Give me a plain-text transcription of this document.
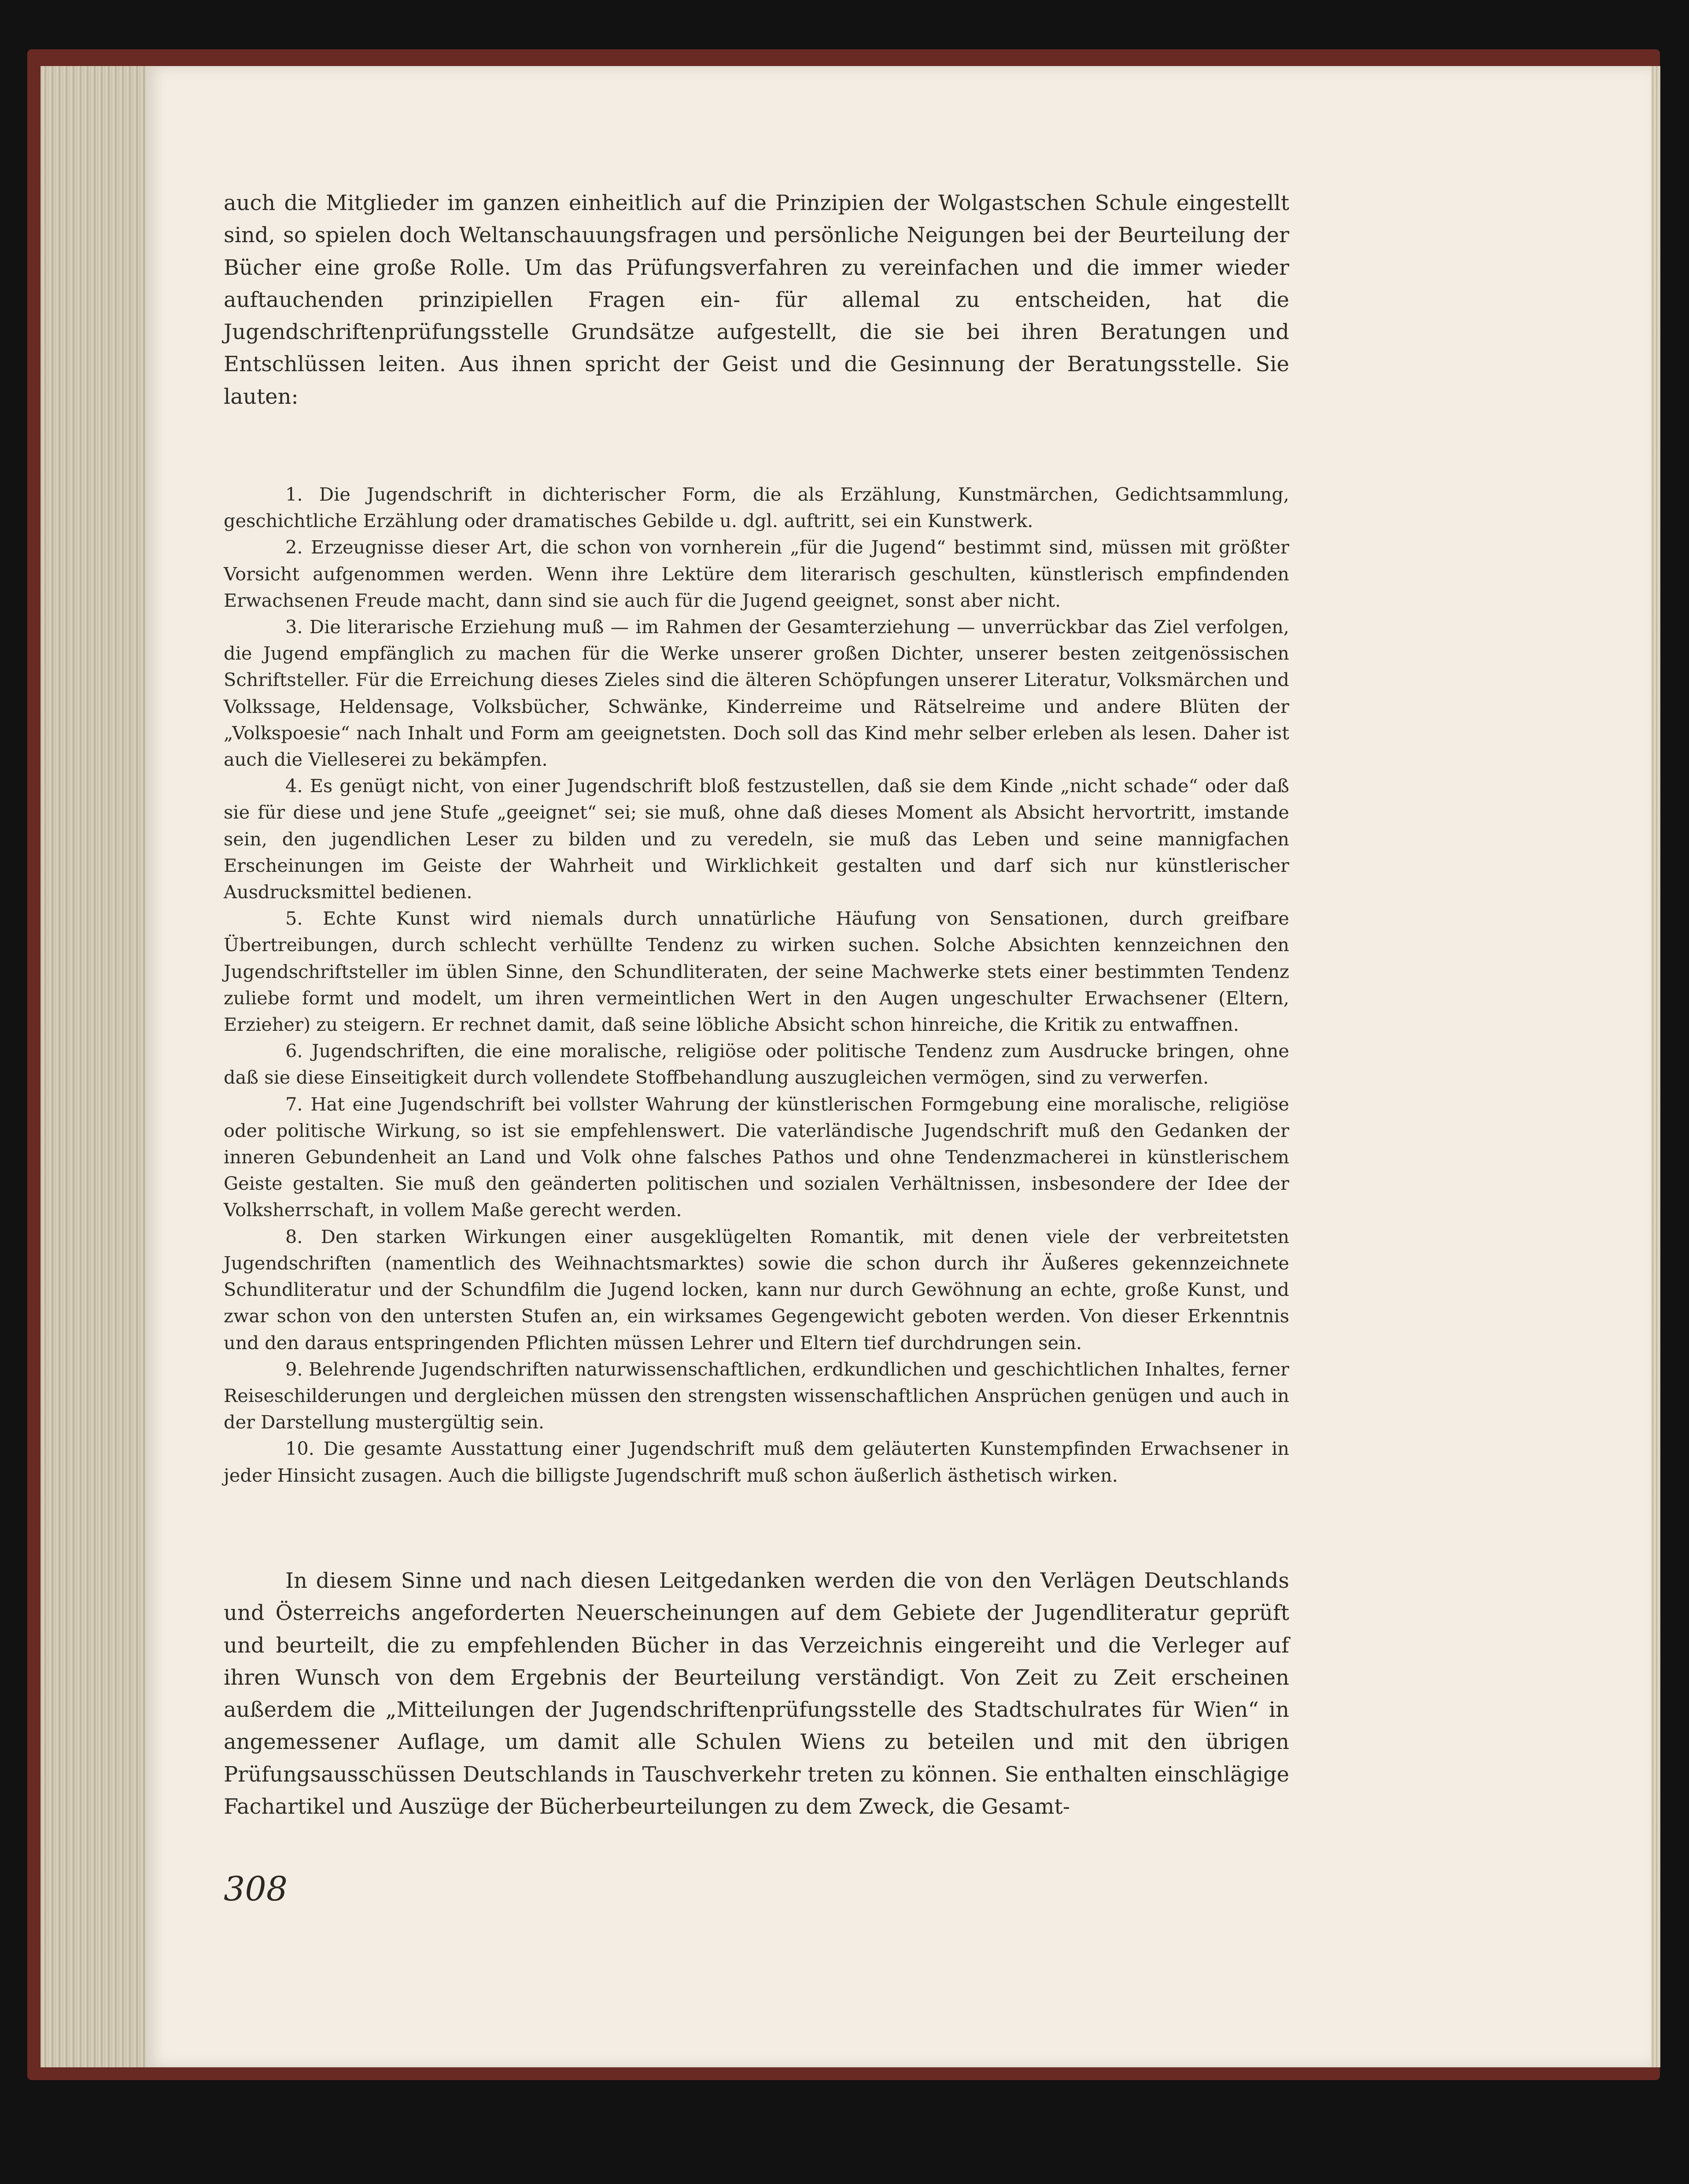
auch die Mitglieder im ganzen einheitlich auf die Prinzipien der Wolgastschen Schule eingestellt sind, so spielen doch Weltanschauungsfragen und persönliche Neigungen bei der Beurteilung der Bücher eine große Rolle. Um das Prüfungsverfahren zu vereinfachen und die immer wieder auftauchenden prinzipiellen Fragen ein- für allemal zu entscheiden, hat die Jugendschriftenprüfungsstelle Grundsätze aufgestellt, die sie bei ihren Beratungen und Entschlüssen leiten. Aus ihnen spricht der Geist und die Gesinnung der Beratungsstelle. Sie lauten:

1. Die Jugendschrift in dichterischer Form, die als Erzählung, Kunstmärchen, Gedichtsammlung, geschichtliche Erzählung oder dramatisches Gebilde u. dgl. auftritt, sei ein Kunstwerk.
2. Erzeugnisse dieser Art, die schon von vornherein „für die Jugend“ bestimmt sind, müssen mit größter Vorsicht aufgenommen werden. Wenn ihre Lektüre dem literarisch geschulten, künstlerisch empfindenden Erwachsenen Freude macht, dann sind sie auch für die Jugend geeignet, sonst aber nicht.
3. Die literarische Erziehung muß — im Rahmen der Gesamterziehung — unverrückbar das Ziel verfolgen, die Jugend empfänglich zu machen für die Werke unserer großen Dichter, unserer besten zeitgenössischen Schriftsteller. Für die Erreichung dieses Zieles sind die älteren Schöpfungen unserer Literatur, Volksmärchen und Volkssage, Heldensage, Volksbücher, Schwänke, Kinderreime und Rätselreime und andere Blüten der „Volkspoesie“ nach Inhalt und Form am geeignetsten. Doch soll das Kind mehr selber erleben als lesen. Daher ist auch die Vielleserei zu bekämpfen.
4. Es genügt nicht, von einer Jugendschrift bloß festzustellen, daß sie dem Kinde „nicht schade“ oder daß sie für diese und jene Stufe „geeignet“ sei; sie muß, ohne daß dieses Moment als Absicht hervortritt, imstande sein, den jugendlichen Leser zu bilden und zu veredeln, sie muß das Leben und seine mannigfachen Erscheinungen im Geiste der Wahrheit und Wirklichkeit gestalten und darf sich nur künstlerischer Ausdrucksmittel bedienen.
5. Echte Kunst wird niemals durch unnatürliche Häufung von Sensationen, durch greifbare Übertreibungen, durch schlecht verhüllte Tendenz zu wirken suchen. Solche Absichten kennzeichnen den Jugendschriftsteller im üblen Sinne, den Schundliteraten, der seine Machwerke stets einer bestimmten Tendenz zuliebe formt und modelt, um ihren vermeintlichen Wert in den Augen ungeschulter Erwachsener (Eltern, Erzieher) zu steigern. Er rechnet damit, daß seine löbliche Absicht schon hinreiche, die Kritik zu entwaffnen.
6. Jugendschriften, die eine moralische, religiöse oder politische Tendenz zum Ausdrucke bringen, ohne daß sie diese Einseitigkeit durch vollendete Stoffbehandlung auszugleichen vermögen, sind zu verwerfen.
7. Hat eine Jugendschrift bei vollster Wahrung der künstlerischen Formgebung eine moralische, religiöse oder politische Wirkung, so ist sie empfehlenswert. Die vaterländische Jugendschrift muß den Gedanken der inneren Gebundenheit an Land und Volk ohne falsches Pathos und ohne Tendenzmacherei in künstlerischem Geiste gestalten. Sie muß den geänderten politischen und sozialen Verhältnissen, insbesondere der Idee der Volksherrschaft, in vollem Maße gerecht werden.
8. Den starken Wirkungen einer ausgeklügelten Romantik, mit denen viele der verbreitetsten Jugendschriften (namentlich des Weihnachtsmarktes) sowie die schon durch ihr Äußeres gekennzeichnete Schundliteratur und der Schundfilm die Jugend locken, kann nur durch Gewöhnung an echte, große Kunst, und zwar schon von den untersten Stufen an, ein wirksames Gegengewicht geboten werden. Von dieser Erkenntnis und den daraus entspringenden Pflichten müssen Lehrer und Eltern tief durchdrungen sein.
9. Belehrende Jugendschriften naturwissenschaftlichen, erdkundlichen und geschichtlichen Inhaltes, ferner Reiseschilderungen und dergleichen müssen den strengsten wissenschaftlichen Ansprüchen genügen und auch in der Darstellung mustergültig sein.
10. Die gesamte Ausstattung einer Jugendschrift muß dem geläuterten Kunstempfinden Erwachsener in jeder Hinsicht zusagen. Auch die billigste Jugendschrift muß schon äußerlich ästhetisch wirken.

In diesem Sinne und nach diesen Leitgedanken werden die von den Verlägen Deutschlands und Österreichs angeforderten Neuerscheinungen auf dem Gebiete der Jugendliteratur geprüft und beurteilt, die zu empfehlenden Bücher in das Verzeichnis eingereiht und die Verleger auf ihren Wunsch von dem Ergebnis der Beurteilung verständigt. Von Zeit zu Zeit erscheinen außerdem die „Mitteilungen der Jugendschriftenprüfungsstelle des Stadtschulrates für Wien“ in angemessener Auflage, um damit alle Schulen Wiens zu beteilen und mit den übrigen Prüfungsausschüssen Deutschlands in Tauschverkehr treten zu können. Sie enthalten einschlägige Fachartikel und Auszüge der Bücherbeurteilungen zu dem Zweck, die Gesamt-

308
